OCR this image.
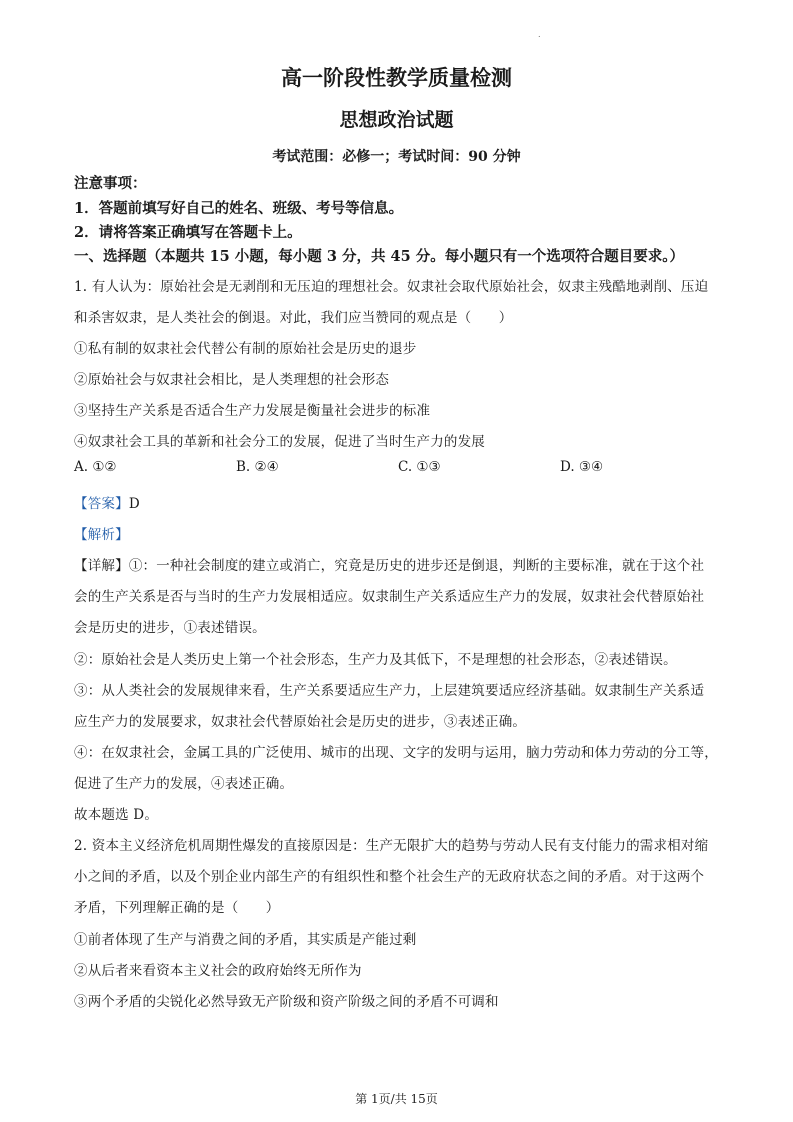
.
高一阶段性教学质量检测
思想政治试题
考试范围：必修一；考试时间：90 分钟
注意事项：
1．答题前填写好自己的姓名、班级、考号等信息。
2．请将答案正确填写在答题卡上。
一、选择题（本题共 15 小题，每小题 3 分，共 45 分。每小题只有一个选项符合题目要求。）
1. 有人认为：原始社会是无剥削和无压迫的理想社会。奴隶社会取代原始社会，奴隶主残酷地剥削、压迫
和杀害奴隶，是人类社会的倒退。对此，我们应当赞同的观点是（　　）
①私有制的奴隶社会代替公有制的原始社会是历史的退步
②原始社会与奴隶社会相比，是人类理想的社会形态
③坚持生产关系是否适合生产力发展是衡量社会进步的标准
④奴隶社会工具的革新和社会分工的发展，促进了当时生产力的发展
A. ①②	B. ②④	C. ①③	D. ③④
【答案】D
【解析】
【详解】①：一种社会制度的建立或消亡，究竟是历史的进步还是倒退，判断的主要标准，就在于这个社
会的生产关系是否与当时的生产力发展相适应。奴隶制生产关系适应生产力的发展，奴隶社会代替原始社
会是历史的进步，①表述错误。
②：原始社会是人类历史上第一个社会形态，生产力及其低下，不是理想的社会形态，②表述错误。
③：从人类社会的发展规律来看，生产关系要适应生产力，上层建筑要适应经济基础。奴隶制生产关系适
应生产力的发展要求，奴隶社会代替原始社会是历史的进步，③表述正确。
④：在奴隶社会，金属工具的广泛使用、城市的出现、文字的发明与运用，脑力劳动和体力劳动的分工等，
促进了生产力的发展，④表述正确。
故本题选 D。
2. 资本主义经济危机周期性爆发的直接原因是：生产无限扩大的趋势与劳动人民有支付能力的需求相对缩
小之间的矛盾，以及个别企业内部生产的有组织性和整个社会生产的无政府状态之间的矛盾。对于这两个
矛盾，下列理解正确的是（　　）
①前者体现了生产与消费之间的矛盾，其实质是产能过剩
②从后者来看资本主义社会的政府始终无所作为
③两个矛盾的尖锐化必然导致无产阶级和资产阶级之间的矛盾不可调和
第 1页/共 15页
